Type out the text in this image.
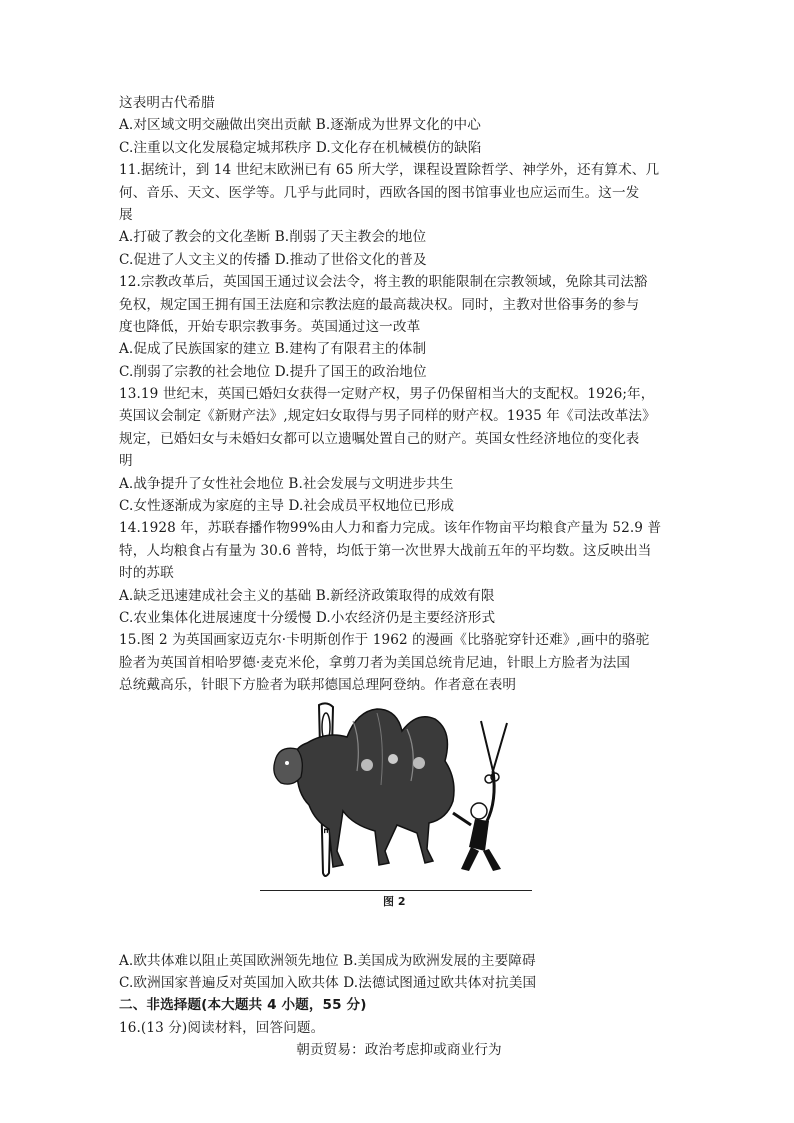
这表明古代希腊
A.对区域文明交融做出突出贡献 B.逐渐成为世界文化的中心
C.注重以文化发展稳定城邦秩序 D.文化存在机械模仿的缺陷
11.据统计，到 14 世纪末欧洲已有 65 所大学，课程设置除哲学、神学外，还有算术、几
何、音乐、天文、医学等。几乎与此同时，西欧各国的图书馆事业也应运而生。这一发
展
A.打破了教会的文化垄断 B.削弱了天主教会的地位
C.促进了人文主义的传播 D.推动了世俗文化的普及
12.宗教改革后，英国国王通过议会法令，将主教的职能限制在宗教领域，免除其司法豁
免权，规定国王拥有国王法庭和宗教法庭的最高裁决权。同时，主教对世俗事务的参与
度也降低，开始专职宗教事务。英国通过这一改革
A.促成了民族国家的建立 B.建构了有限君主的体制
C.削弱了宗教的社会地位 D.提升了国王的政治地位
13.19 世纪末，英国已婚妇女获得一定财产权，男子仍保留相当大的支配权。1926;年，
英国议会制定《新财产法》,规定妇女取得与男子同样的财产权。1935 年《司法改革法》
规定，已婚妇女与未婚妇女都可以立遗嘱处置自己的财产。英国女性经济地位的变化表
明
A.战争提升了女性社会地位 B.社会发展与文明进步共生
C.女性逐渐成为家庭的主导 D.社会成员平权地位已形成
14.1928 年，苏联春播作物99%由人力和畜力完成。该年作物亩平均粮食产量为 52.9 普
特，人均粮食占有量为 30.6 普特，均低于第一次世界大战前五年的平均数。这反映出当
时的苏联
A.缺乏迅速建成社会主义的基础 B.新经济政策取得的成效有限
C.农业集体化进展速度十分缓慢 D.小农经济仍是主要经济形式
15.图 2 为英国画家迈克尔·卡明斯创作于 1962 的漫画《比骆驼穿针还难》,画中的骆驼
脸者为英国首相哈罗德·麦克米伦，拿剪刀者为美国总统肯尼迪，针眼上方脸者为法国
总统戴高乐，针眼下方脸者为联邦德国总理阿登纳。作者意在表明
图 2
A.欧共体难以阻止英国欧洲领先地位 B.美国成为欧洲发展的主要障碍
C.欧洲国家普遍反对英国加入欧共体 D.法德试图通过欧共体对抗美国
二、非选择题(本大题共 4 小题，55 分)
16.(13 分)阅读材料，回答问题。
朝贡贸易：政治考虑抑或商业行为
